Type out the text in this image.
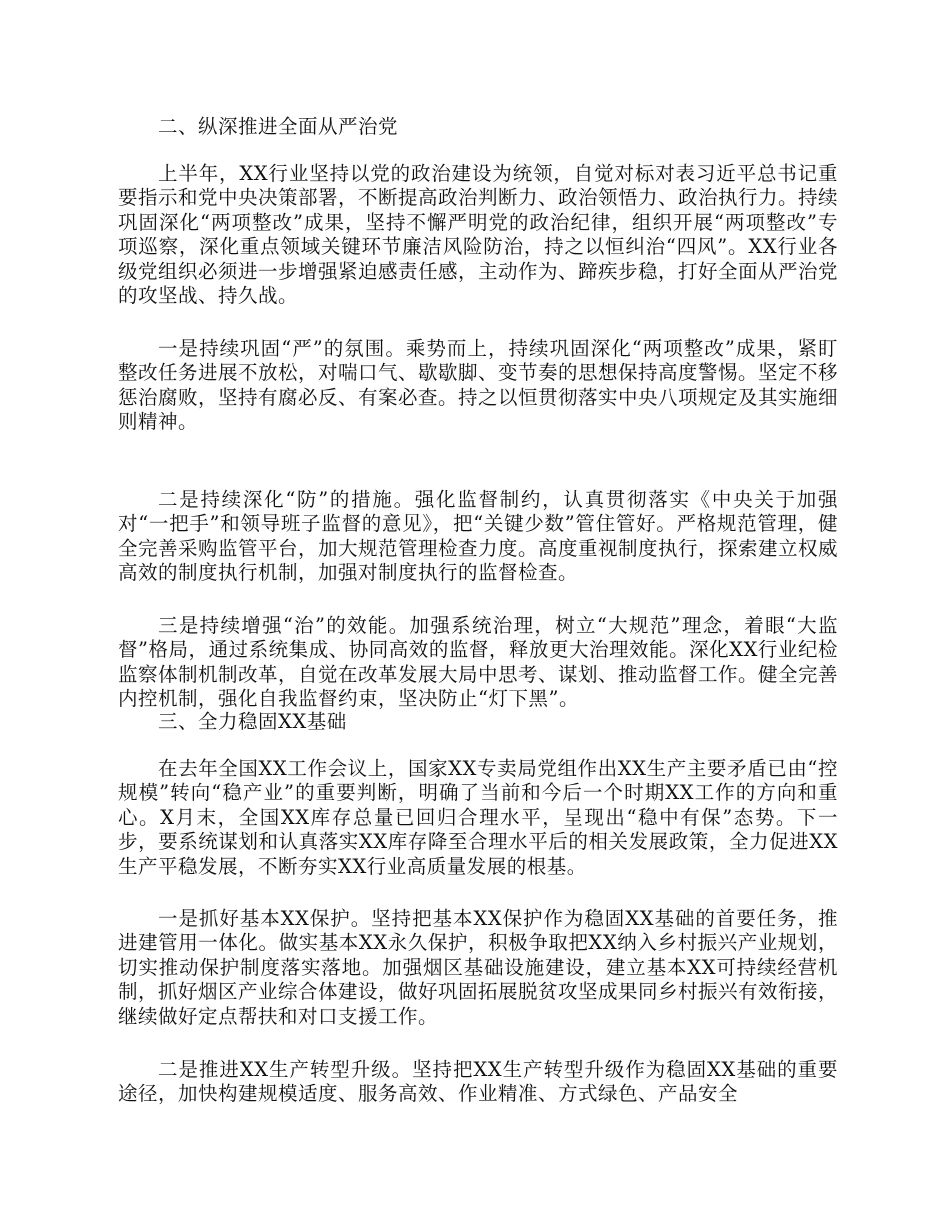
二、纵深推进全面从严治党

上半年，XX行业坚持以党的政治建设为统领，自觉对标对表习近平总书记重要指示和党中央决策部署，不断提高政治判断力、政治领悟力、政治执行力。持续巩固深化“两项整改”成果，坚持不懈严明党的政治纪律，组织开展“两项整改”专项巡察，深化重点领域关键环节廉洁风险防治，持之以恒纠治“四风”。XX行业各级党组织必须进一步增强紧迫感责任感，主动作为、蹄疾步稳，打好全面从严治党的攻坚战、持久战。

一是持续巩固“严”的氛围。乘势而上，持续巩固深化“两项整改”成果，紧盯整改任务进展不放松，对喘口气、歇歇脚、变节奏的思想保持高度警惕。坚定不移惩治腐败，坚持有腐必反、有案必查。持之以恒贯彻落实中央八项规定及其实施细则精神。

二是持续深化“防”的措施。强化监督制约，认真贯彻落实《中央关于加强对“一把手”和领导班子监督的意见》，把“关键少数”管住管好。严格规范管理，健全完善采购监管平台，加大规范管理检查力度。高度重视制度执行，探索建立权威高效的制度执行机制，加强对制度执行的监督检查。

三是持续增强“治”的效能。加强系统治理，树立“大规范”理念，着眼“大监督”格局，通过系统集成、协同高效的监督，释放更大治理效能。深化XX行业纪检监察体制机制改革，自觉在改革发展大局中思考、谋划、推动监督工作。健全完善内控机制，强化自我监督约束，坚决防止“灯下黑”。

三、全力稳固XX基础

在去年全国XX工作会议上，国家XX专卖局党组作出XX生产主要矛盾已由“控规模”转向“稳产业”的重要判断，明确了当前和今后一个时期XX工作的方向和重心。X月末，全国XX库存总量已回归合理水平，呈现出“稳中有保”态势。下一步，要系统谋划和认真落实XX库存降至合理水平后的相关发展政策，全力促进XX生产平稳发展，不断夯实XX行业高质量发展的根基。

一是抓好基本XX保护。坚持把基本XX保护作为稳固XX基础的首要任务，推进建管用一体化。做实基本XX永久保护，积极争取把XX纳入乡村振兴产业规划，切实推动保护制度落实落地。加强烟区基础设施建设，建立基本XX可持续经营机制，抓好烟区产业综合体建设，做好巩固拓展脱贫攻坚成果同乡村振兴有效衔接，继续做好定点帮扶和对口支援工作。

二是推进XX生产转型升级。坚持把XX生产转型升级作为稳固XX基础的重要途径，加快构建规模适度、服务高效、作业精准、方式绿色、产品安全
